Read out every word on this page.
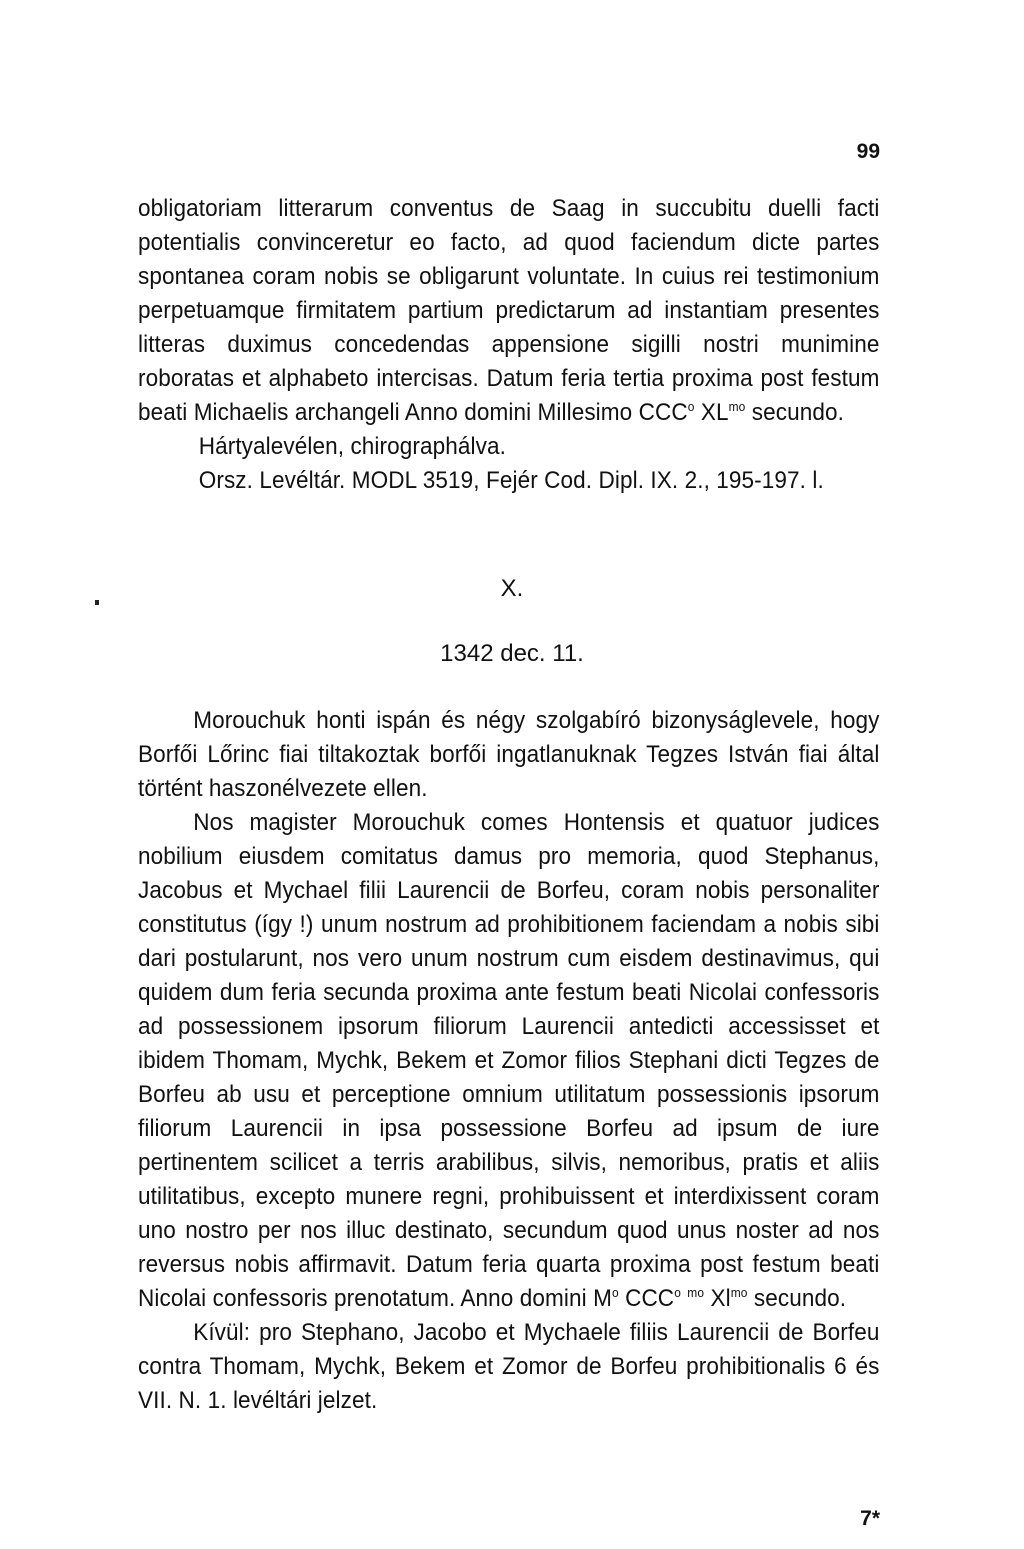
99

obligatoriam litterarum conventus de Saag in succubitu duelli facti potentialis convinceretur eo facto, ad quod faciendum dicte partes spontanea coram nobis se obligarunt voluntate. In cuius rei testimonium perpetuamque firmitatem partium predictarum ad instantiam presentes litteras duximus concedendas appensione sigilli nostri munimine roboratas et alphabeto intercisas. Datum feria tertia proxima post festum beati Michaelis archangeli Anno domini Millesimo CCC$^o$ $XL^{mo}$ secundo.

Hártyalevélen, chirographálva.

Orsz. Levéltár. MODL 3519, Fejér Cod. Dipl. IX. 2., 195-197. l.

X.
1342 dec. 11.

Morouchuk honti ispán és négy szolgabíró bizonyságlevele, hogy Borfői Lőrinc fiai tiltakoztak borfői ingatlanuknak Tegzes István fiai által történt haszonélvezete ellen.

Nos magister Morouchuk comes Hontensis et quatuor judices nobilium eiusdem comitatus damus pro memoria, quod Stephanus, Jacobus et Mychael filii Laurencii de Borfeu, coram nobis personaliter constitutus (így !) unum nostrum ad prohibitionem faciendam a nobis sibi dari postularunt, nos vero unum nostrum cum eisdem destinavimus, qui quidem dum feria secunda proxima ante festum beati Nicolai confessoris ad possessionem ipsorum filiorum Laurencii antedicti accessisset et ibidem Thomam, Mychk, Bekem et Zomor filios Stephani dicti Tegzes de Borfeu ab usu et perceptione omnium utilitatum possessionis ipsorum filiorum Laurencii in ipsa possessione Borfeu ad ipsum de iure pertinentem scilicet a terris arabilibus, silvis, nemoribus, pratis et aliis utilitatibus, excepto munere regni, prohibuissent et interdixissent coram uno nostro per nos illuc destinato, secundum quod unus noster ad nos reversus nobis affirmavit. Datum feria quarta proxima post festum beati Nicolai confessoris prenotatum. Anno domini $M^o$ CCC$^o$ $^{mo}$ $Xl^{mo}$ secundo.

Kívül: pro Stephano, Jacobo et Mychaele filiis Laurencii de Borfeu contra Thomam, Mychk, Bekem et Zomor de Borfeu prohibitionalis 6 és VII. N. 1. levéltári jelzet.

7*
